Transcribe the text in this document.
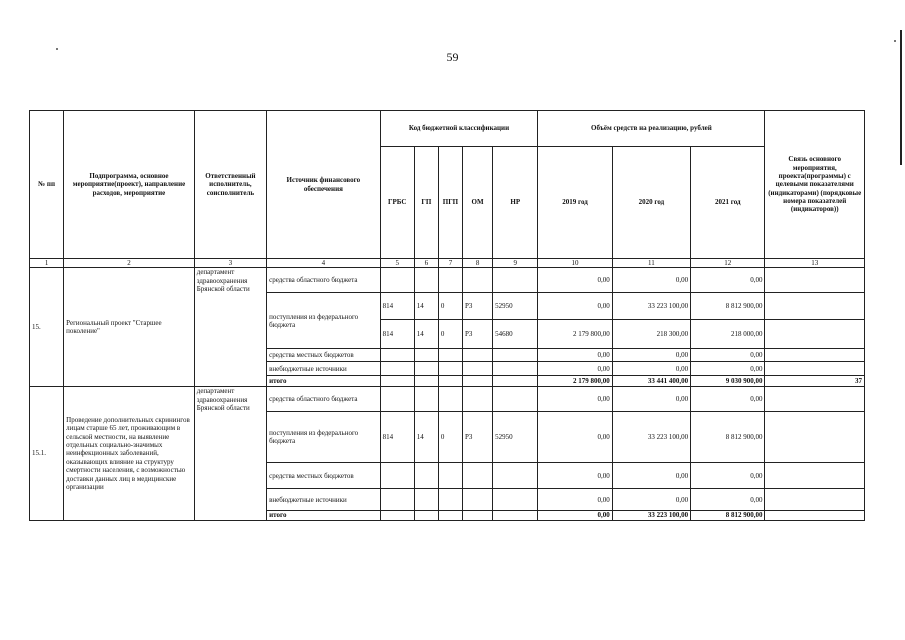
59
№ пп	Подпрограмма, основное мероприятие(проект), направление расходов, мероприятие	Ответственный исполнитель, соисполнитель	Источник финансового обеспечения	Код бюджетной классификации					Объём средств на реализацию, рублей			Связь основного мероприятия, проекта(программы) с целевыми показателями (индикаторами) (порядковые номера показателей (индикаторов))
				ГРБС	ГП	ПГП	ОМ	НР	2019 год	2020 год	2021 год	
1	2	3	4	5	6	7	8	9	10	11	12	13
15.	Региональный проект "Старшее поколение"	департамент здравоохранения Брянской области	средства областного бюджета						0,00	0,00	0,00	
			поступления из федерального бюджета	814	14	0	Р3	52950	0,00	33 223 100,00	8 812 900,00	
				814	14	0	Р3	54680	2 179 800,00	218 300,00	218 000,00	
			средства местных бюджетов						0,00	0,00	0,00	
			внебюджетные источники						0,00	0,00	0,00	
			итого						2 179 800,00	33 441 400,00	9 030 900,00	37
15.1.	Проведение дополнительных скринингов лицам старше 65 лет, проживающим в сельской местности, на выявление отдельных социально-значимых неинфекционных заболеваний, оказывающих влияние на структуру смертности населения, с возможностью доставки данных лиц в медицинские организации	департамент здравоохранения Брянской области	средства областного бюджета						0,00	0,00	0,00	
			поступления из федерального бюджета	814	14	0	Р3	52950	0,00	33 223 100,00	8 812 900,00	
			средства местных бюджетов						0,00	0,00	0,00	
			внебюджетные источники						0,00	0,00	0,00	
			итого						0,00	33 223 100,00	8 812 900,00	
